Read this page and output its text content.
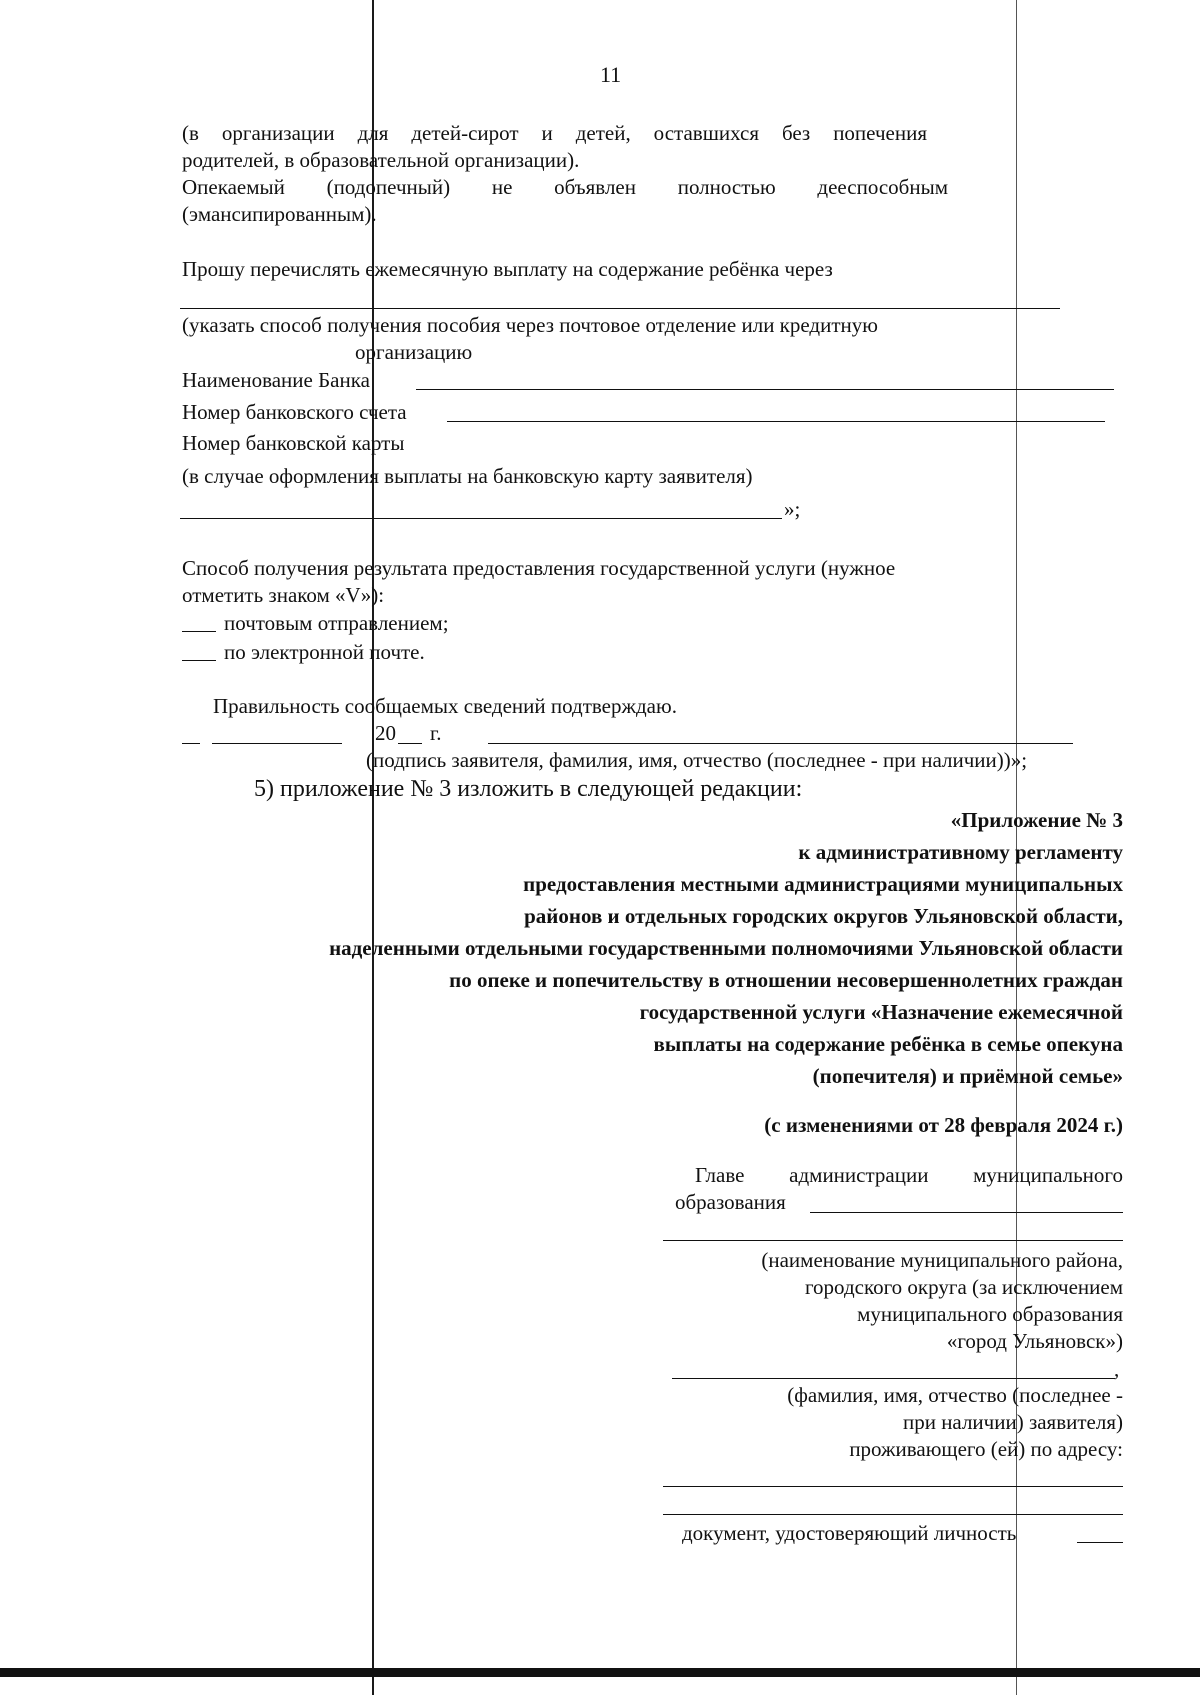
11
(в организации для детей-сирот и детей, оставшихся без попечения
родителей, в образовательной организации).
Опекаемый (подопечный) не объявлен полностью дееспособным
(эмансипированным).
Прошу перечислять ежемесячную выплату на содержание ребёнка через
(указать способ получения пособия через почтовое отделение или кредитную
организацию
Наименование Банка
Номер банковского счета
Номер банковской карты
(в случае оформления выплаты на банковскую карту заявителя)
»;
Способ получения результата предоставления государственной услуги (нужное
отметить знаком «V»):
почтовым отправлением;
по электронной почте.
Правильность сообщаемых сведений подтверждаю.
20 г.
(подпись заявителя, фамилия, имя, отчество (последнее - при наличии))»;
5) приложение № 3 изложить в следующей редакции:
«Приложение № 3
к административному регламенту
предоставления местными администрациями муниципальных
районов и отдельных городских округов Ульяновской области,
наделенными отдельными государственными полномочиями Ульяновской области
по опеке и попечительству в отношении несовершеннолетних граждан
государственной услуги «Назначение ежемесячной
выплаты на содержание ребёнка в семье опекуна
(попечителя) и приёмной семье»
(с изменениями от 28 февраля 2024 г.)
Главе администрации муниципального
образования
(наименование муниципального района,
городского округа (за исключением
муниципального образования
«город Ульяновск»)
,
(фамилия, имя, отчество (последнее -
при наличии) заявителя)
проживающего (ей) по адресу:
документ, удостоверяющий личность
